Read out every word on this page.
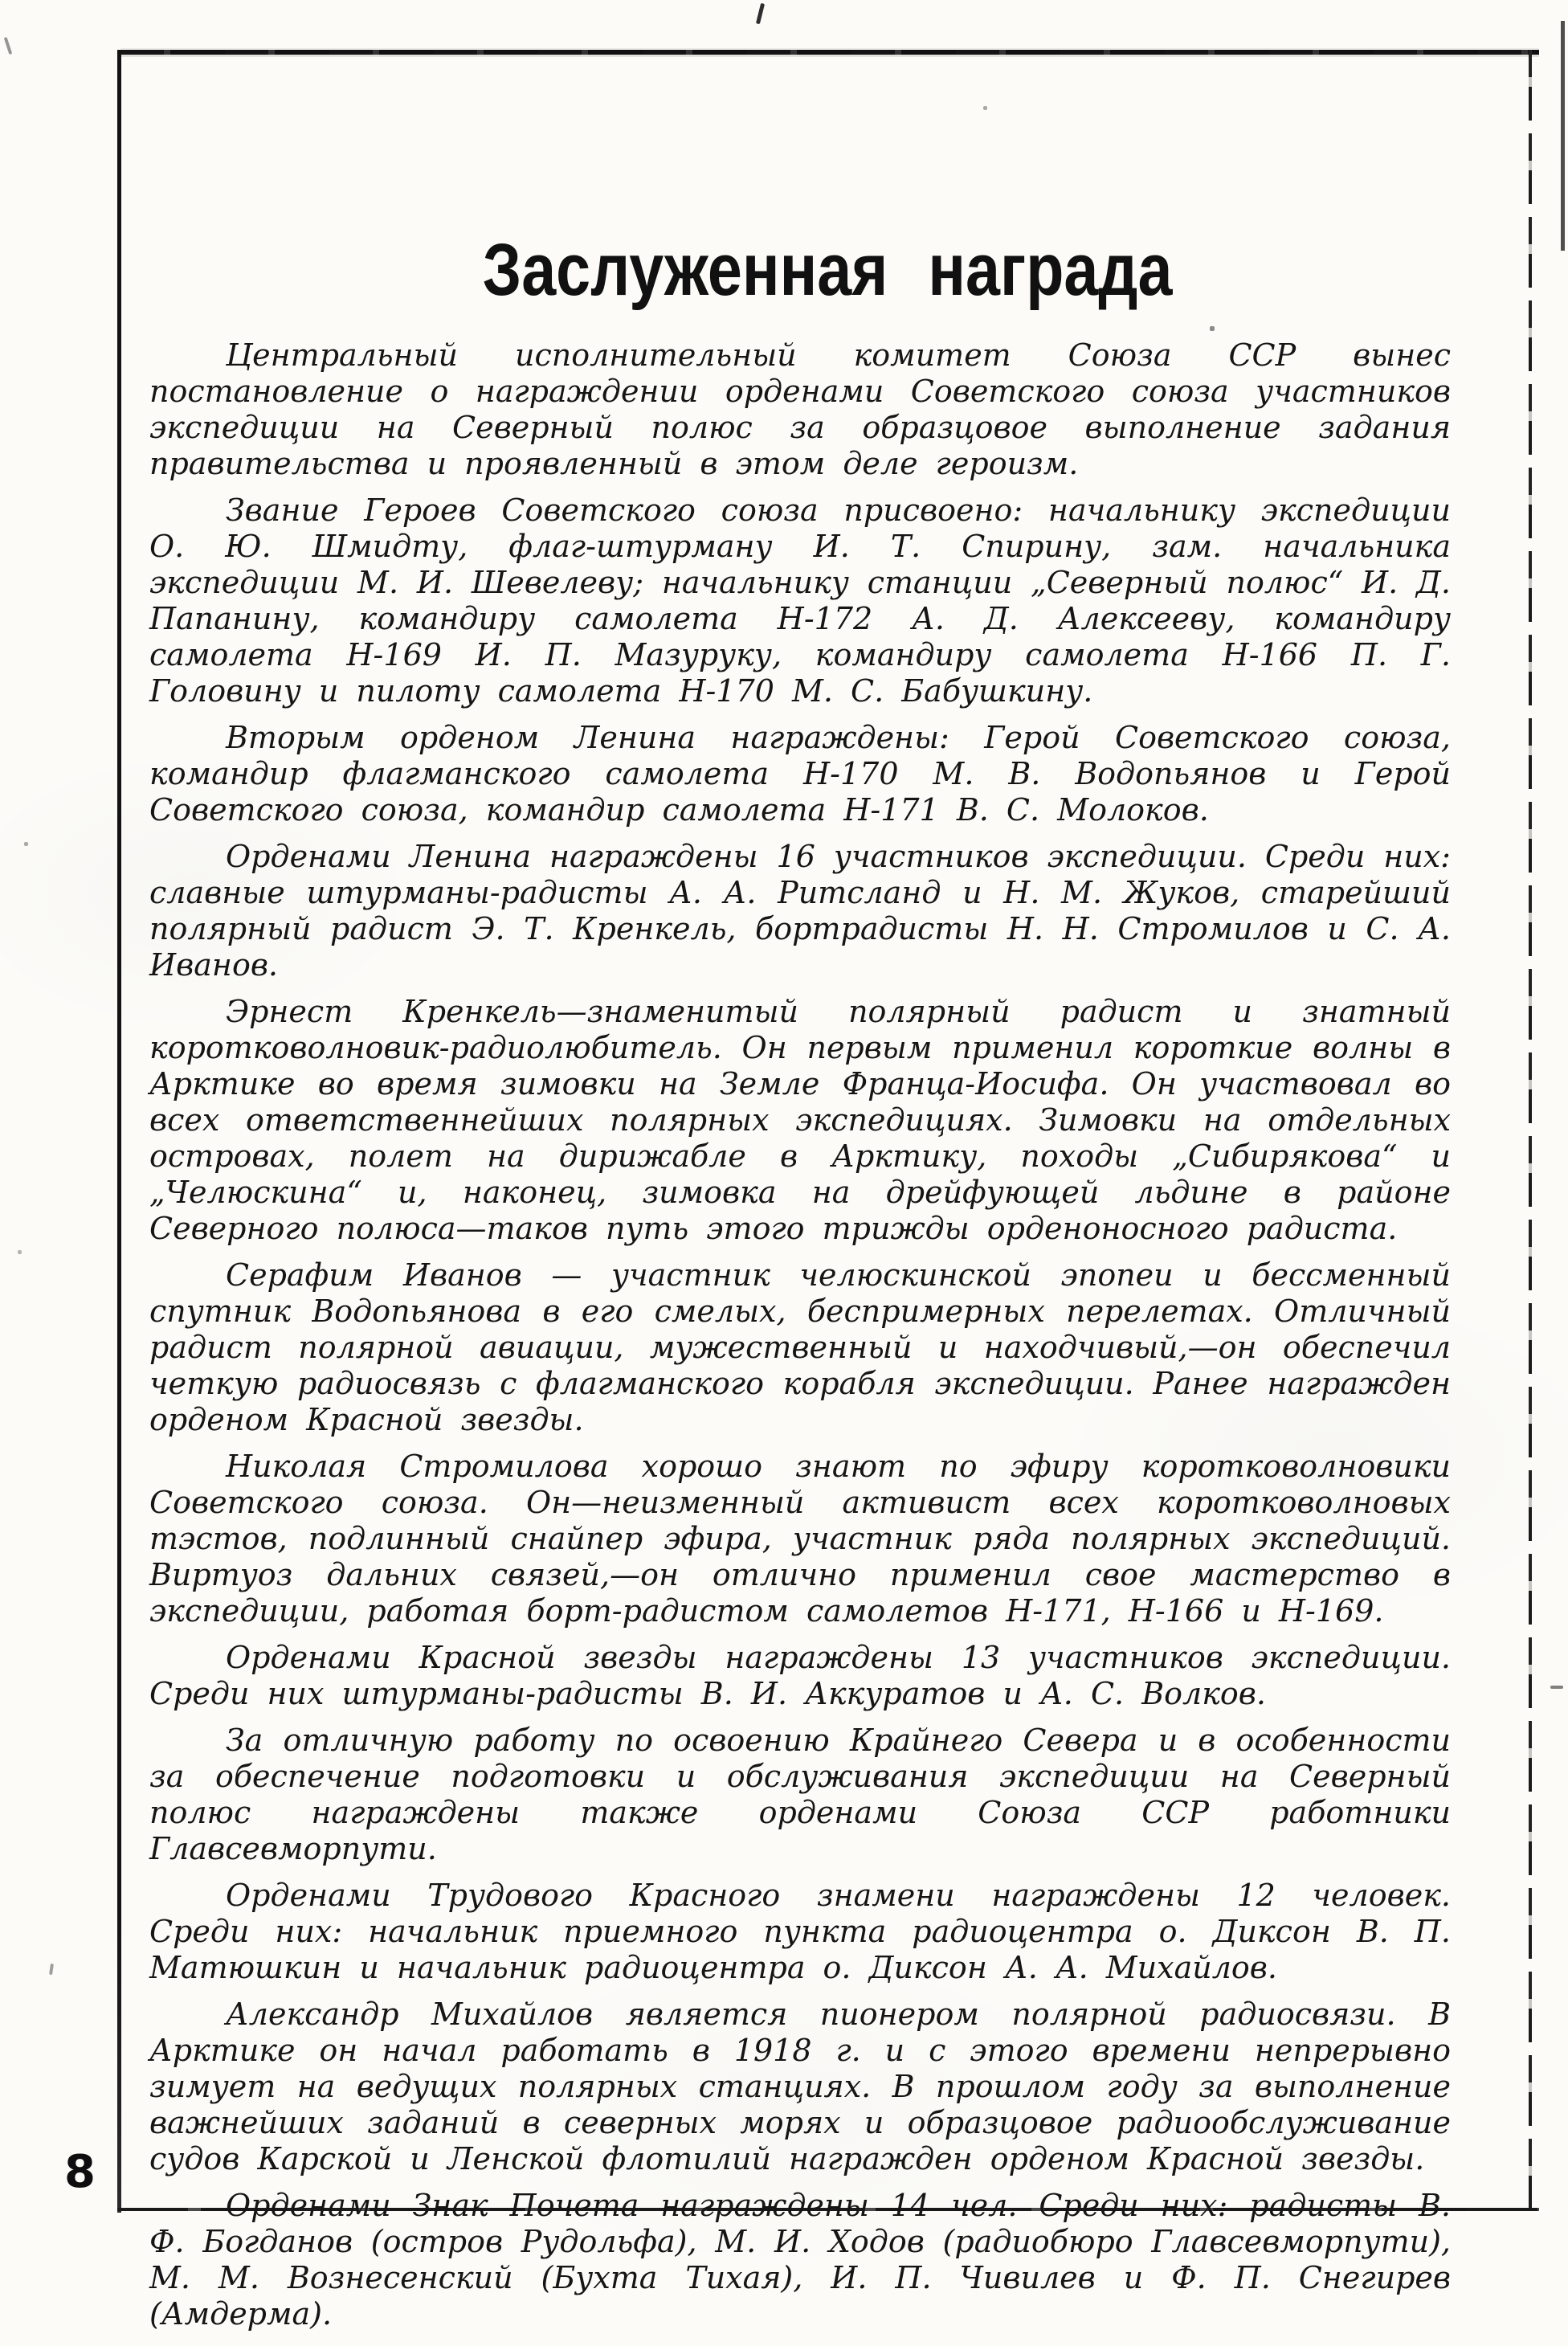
Заслуженная награда

Центральный исполнительный комитет Союза ССР вынес постановление о награждении орденами Советского союза участников экспедиции на Северный полюс за образцовое выполнение задания правительства и проявленный в этом деле героизм.

Звание Героев Советского союза присвоено: начальнику экспедиции О. Ю. Шмидту, флаг-штурману И. Т. Спирину, зам. начальника экспедиции М. И. Шевелеву; начальнику станции „Северный полюс“ И. Д. Папанину, командиру самолета Н-172 А. Д. Алексееву, командиру самолета Н-169 И. П. Мазуруку, командиру самолета Н-166 П. Г. Головину и пилоту самолета Н-170 М. С. Бабушкину.

Вторым орденом Ленина награждены: Герой Советского союза, командир флагманского самолета Н-170 М. В. Водопьянов и Герой Советского союза, командир самолета Н-171 В. С. Молоков.

Орденами Ленина награждены 16 участников экспедиции. Среди них: славные штурманы-радисты А. А. Ритсланд и Н. М. Жуков, старейший полярный радист Э. Т. Кренкель, бортрадисты Н. Н. Стромилов и С. А. Иванов.

Эрнест Кренкель—знаменитый полярный радист и знатный коротковолновик-радиолюбитель. Он первым применил короткие волны в Арктике во время зимовки на Земле Франца-Иосифа. Он участвовал во всех ответственнейших полярных экспедициях. Зимовки на отдельных островах, полет на дирижабле в Арктику, походы „Сибирякова“ и „Челюскина“ и, наконец, зимовка на дрейфующей льдине в районе Северного полюса—таков путь этого трижды орденоносного радиста.

Серафим Иванов — участник челюскинской эпопеи и бессменный спутник Водопьянова в его смелых, беспримерных перелетах. Отличный радист полярной авиации, мужественный и находчивый,—он обеспечил четкую радиосвязь с флагманского корабля экспедиции. Ранее награжден орденом Красной звезды.

Николая Стромилова хорошо знают по эфиру коротковолновики Советского союза. Он—неизменный активист всех коротковолновых тэстов, подлинный снайпер эфира, участник ряда полярных экспедиций. Виртуоз дальних связей,—он отлично применил свое мастерство в экспедиции, работая борт-радистом самолетов Н-171, Н-166 и Н-169.

Орденами Красной звезды награждены 13 участников экспедиции. Среди них штурманы-радисты В. И. Аккуратов и А. С. Волков.

За отличную работу по освоению Крайнего Севера и в особенности за обеспечение подготовки и обслуживания экспедиции на Северный полюс награждены также орденами Союза ССР работники Главсевморпути.

Орденами Трудового Красного знамени награждены 12 человек. Среди них: начальник приемного пункта радиоцентра о. Диксон В. П. Матюшкин и начальник радиоцентра о. Диксон А. А. Михайлов.

Александр Михайлов является пионером полярной радиосвязи. В Арктике он начал работать в 1918 г. и с этого времени непрерывно зимует на ведущих полярных станциях. В прошлом году за выполнение важнейших заданий в северных морях и образцовое радиообслуживание судов Карской и Ленской флотилий награжден орденом Красной звезды.

Орденами Знак Почета награждены 14 чел. Среди них: радисты В. Ф. Богданов (остров Рудольфа), М. И. Ходов (радиобюро Главсевморпути), М. М. Вознесенский (Бухта Тихая), И. П. Чивилев и Ф. П. Снегирев (Амдерма).

8
